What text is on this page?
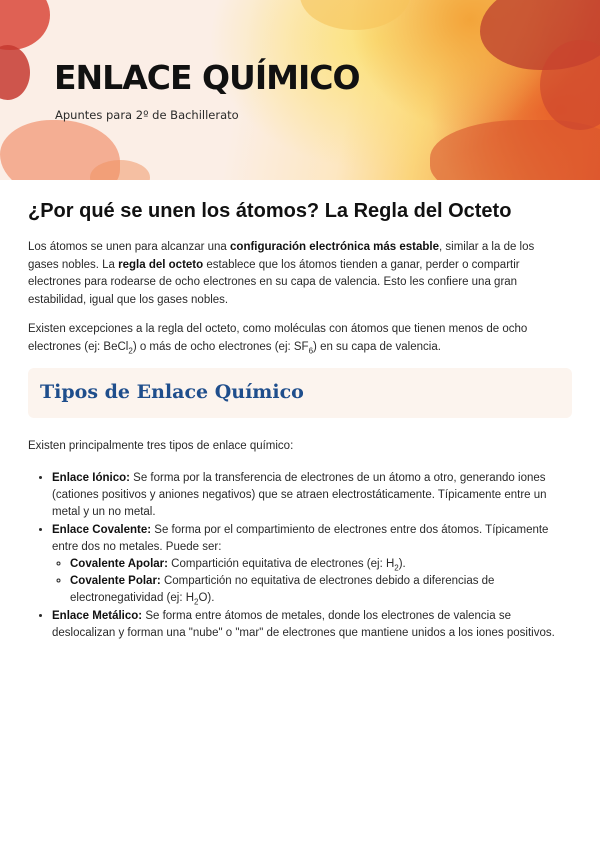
ENLACE QUÍMICO

Apuntes para 2º de Bachillerato

¿Por qué se unen los átomos? La Regla del Octeto

Los átomos se unen para alcanzar una configuración electrónica más estable, similar a la de los gases nobles. La regla del octeto establece que los átomos tienden a ganar, perder o compartir electrones para rodearse de ocho electrones en su capa de valencia. Esto les confiere una gran estabilidad, igual que los gases nobles.

Existen excepciones a la regla del octeto, como moléculas con átomos que tienen menos de ocho electrones (ej: BeCl$_2$) o más de ocho electrones (ej: $SF_6$) en su capa de valencia.

Tipos de Enlace Químico

Existen principalmente tres tipos de enlace químico:

• Enlace Iónico: Se forma por la transferencia de electrones de un átomo a otro, generando iones (cationes positivos y aniones negativos) que se atraen electrostáticamente. Típicamente entre un metal y un no metal.
• Enlace Covalente: Se forma por el compartimiento de electrones entre dos átomos. Típicamente entre dos no metales. Puede ser:
◦ Covalente Apolar: Compartición equitativa de electrones (ej: $H_2$).
◦ Covalente Polar: Compartición no equitativa de electrones debido a diferencias de electronegatividad (ej: $H_2O$).
• Enlace Metálico: Se forma entre átomos de metales, donde los electrones de valencia se deslocalizan y forman una "nube" o "mar" de electrones que mantiene unidos a los iones positivos.
